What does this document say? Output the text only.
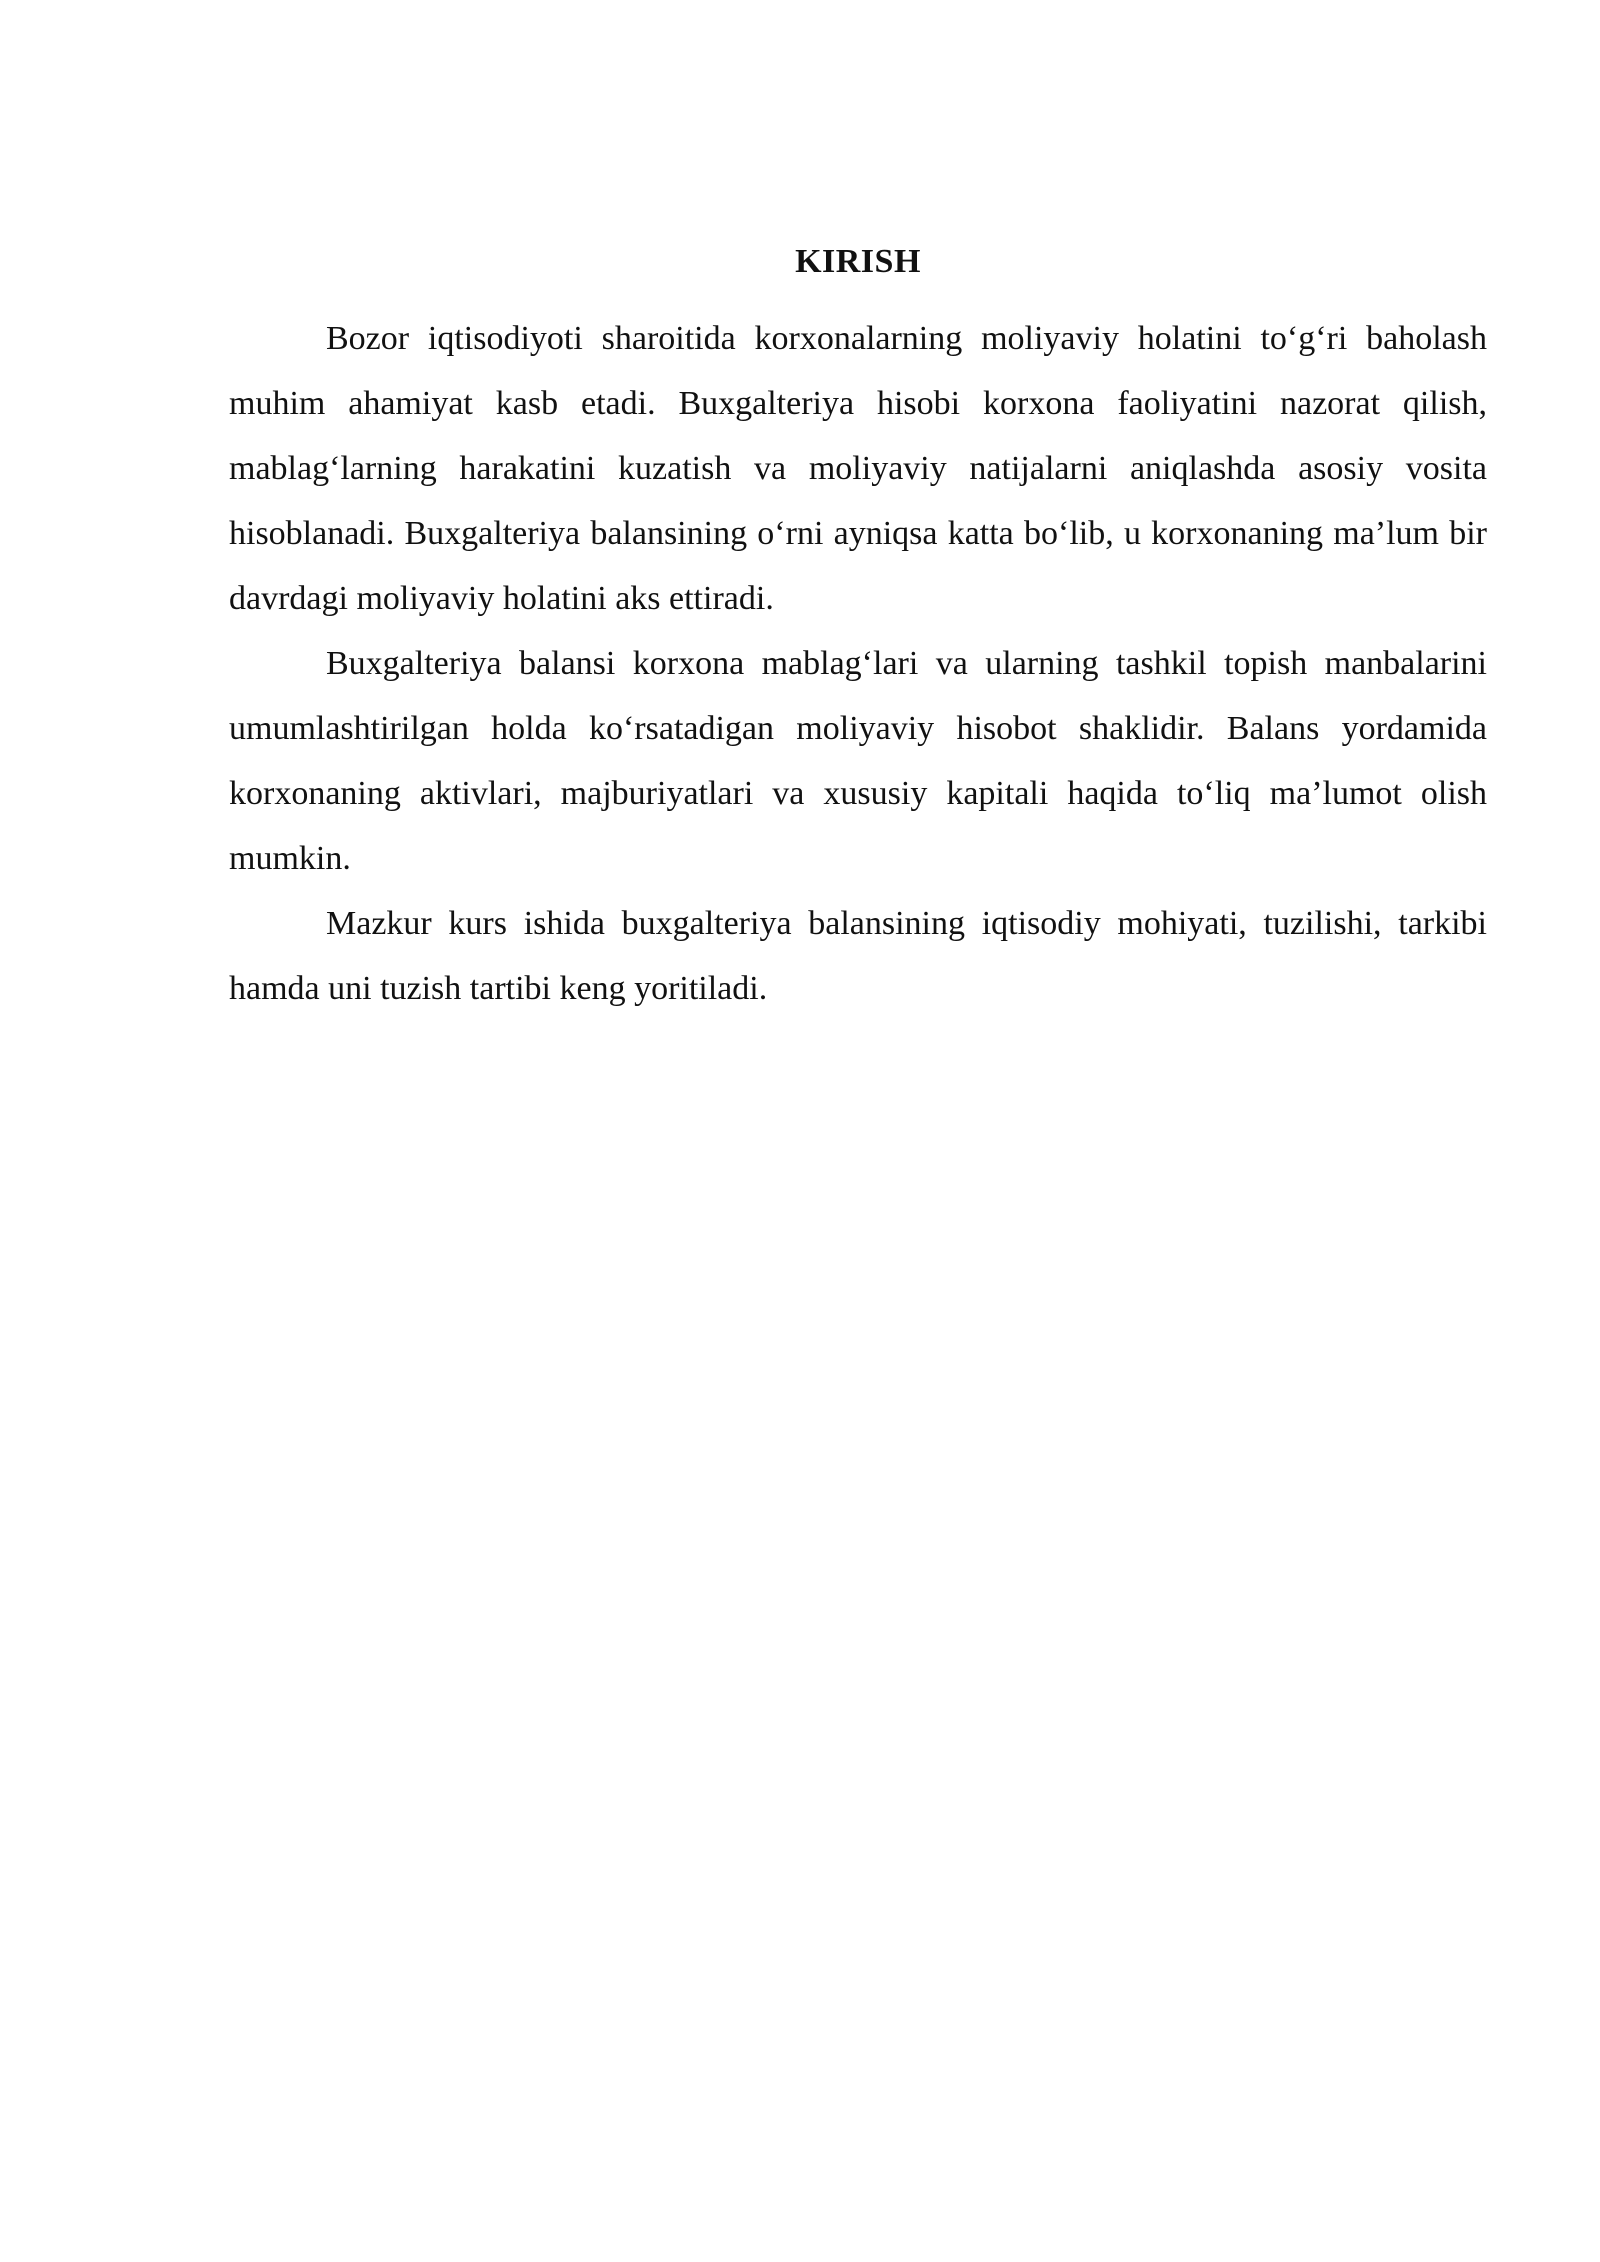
KIRISH

Bozor iqtisodiyoti sharoitida korxonalarning moliyaviy holatini to‘g‘ri baholash muhim ahamiyat kasb etadi. Buxgalteriya hisobi korxona faoliyatini nazorat qilish, mablag‘larning harakatini kuzatish va moliyaviy natijalarni aniqlashda asosiy vosita hisoblanadi. Buxgalteriya balansining o‘rni ayniqsa katta bo‘lib, u korxonaning ma’lum bir davrdagi moliyaviy holatini aks ettiradi.

Buxgalteriya balansi korxona mablag‘lari va ularning tashkil topish manbalarini umumlashtirilgan holda ko‘rsatadigan moliyaviy hisobot shaklidir. Balans yordamida korxonaning aktivlari, majburiyatlari va xususiy kapitali haqida to‘liq ma’lumot olish mumkin.

Mazkur kurs ishida buxgalteriya balansining iqtisodiy mohiyati, tuzilishi, tarkibi hamda uni tuzish tartibi keng yoritiladi.
